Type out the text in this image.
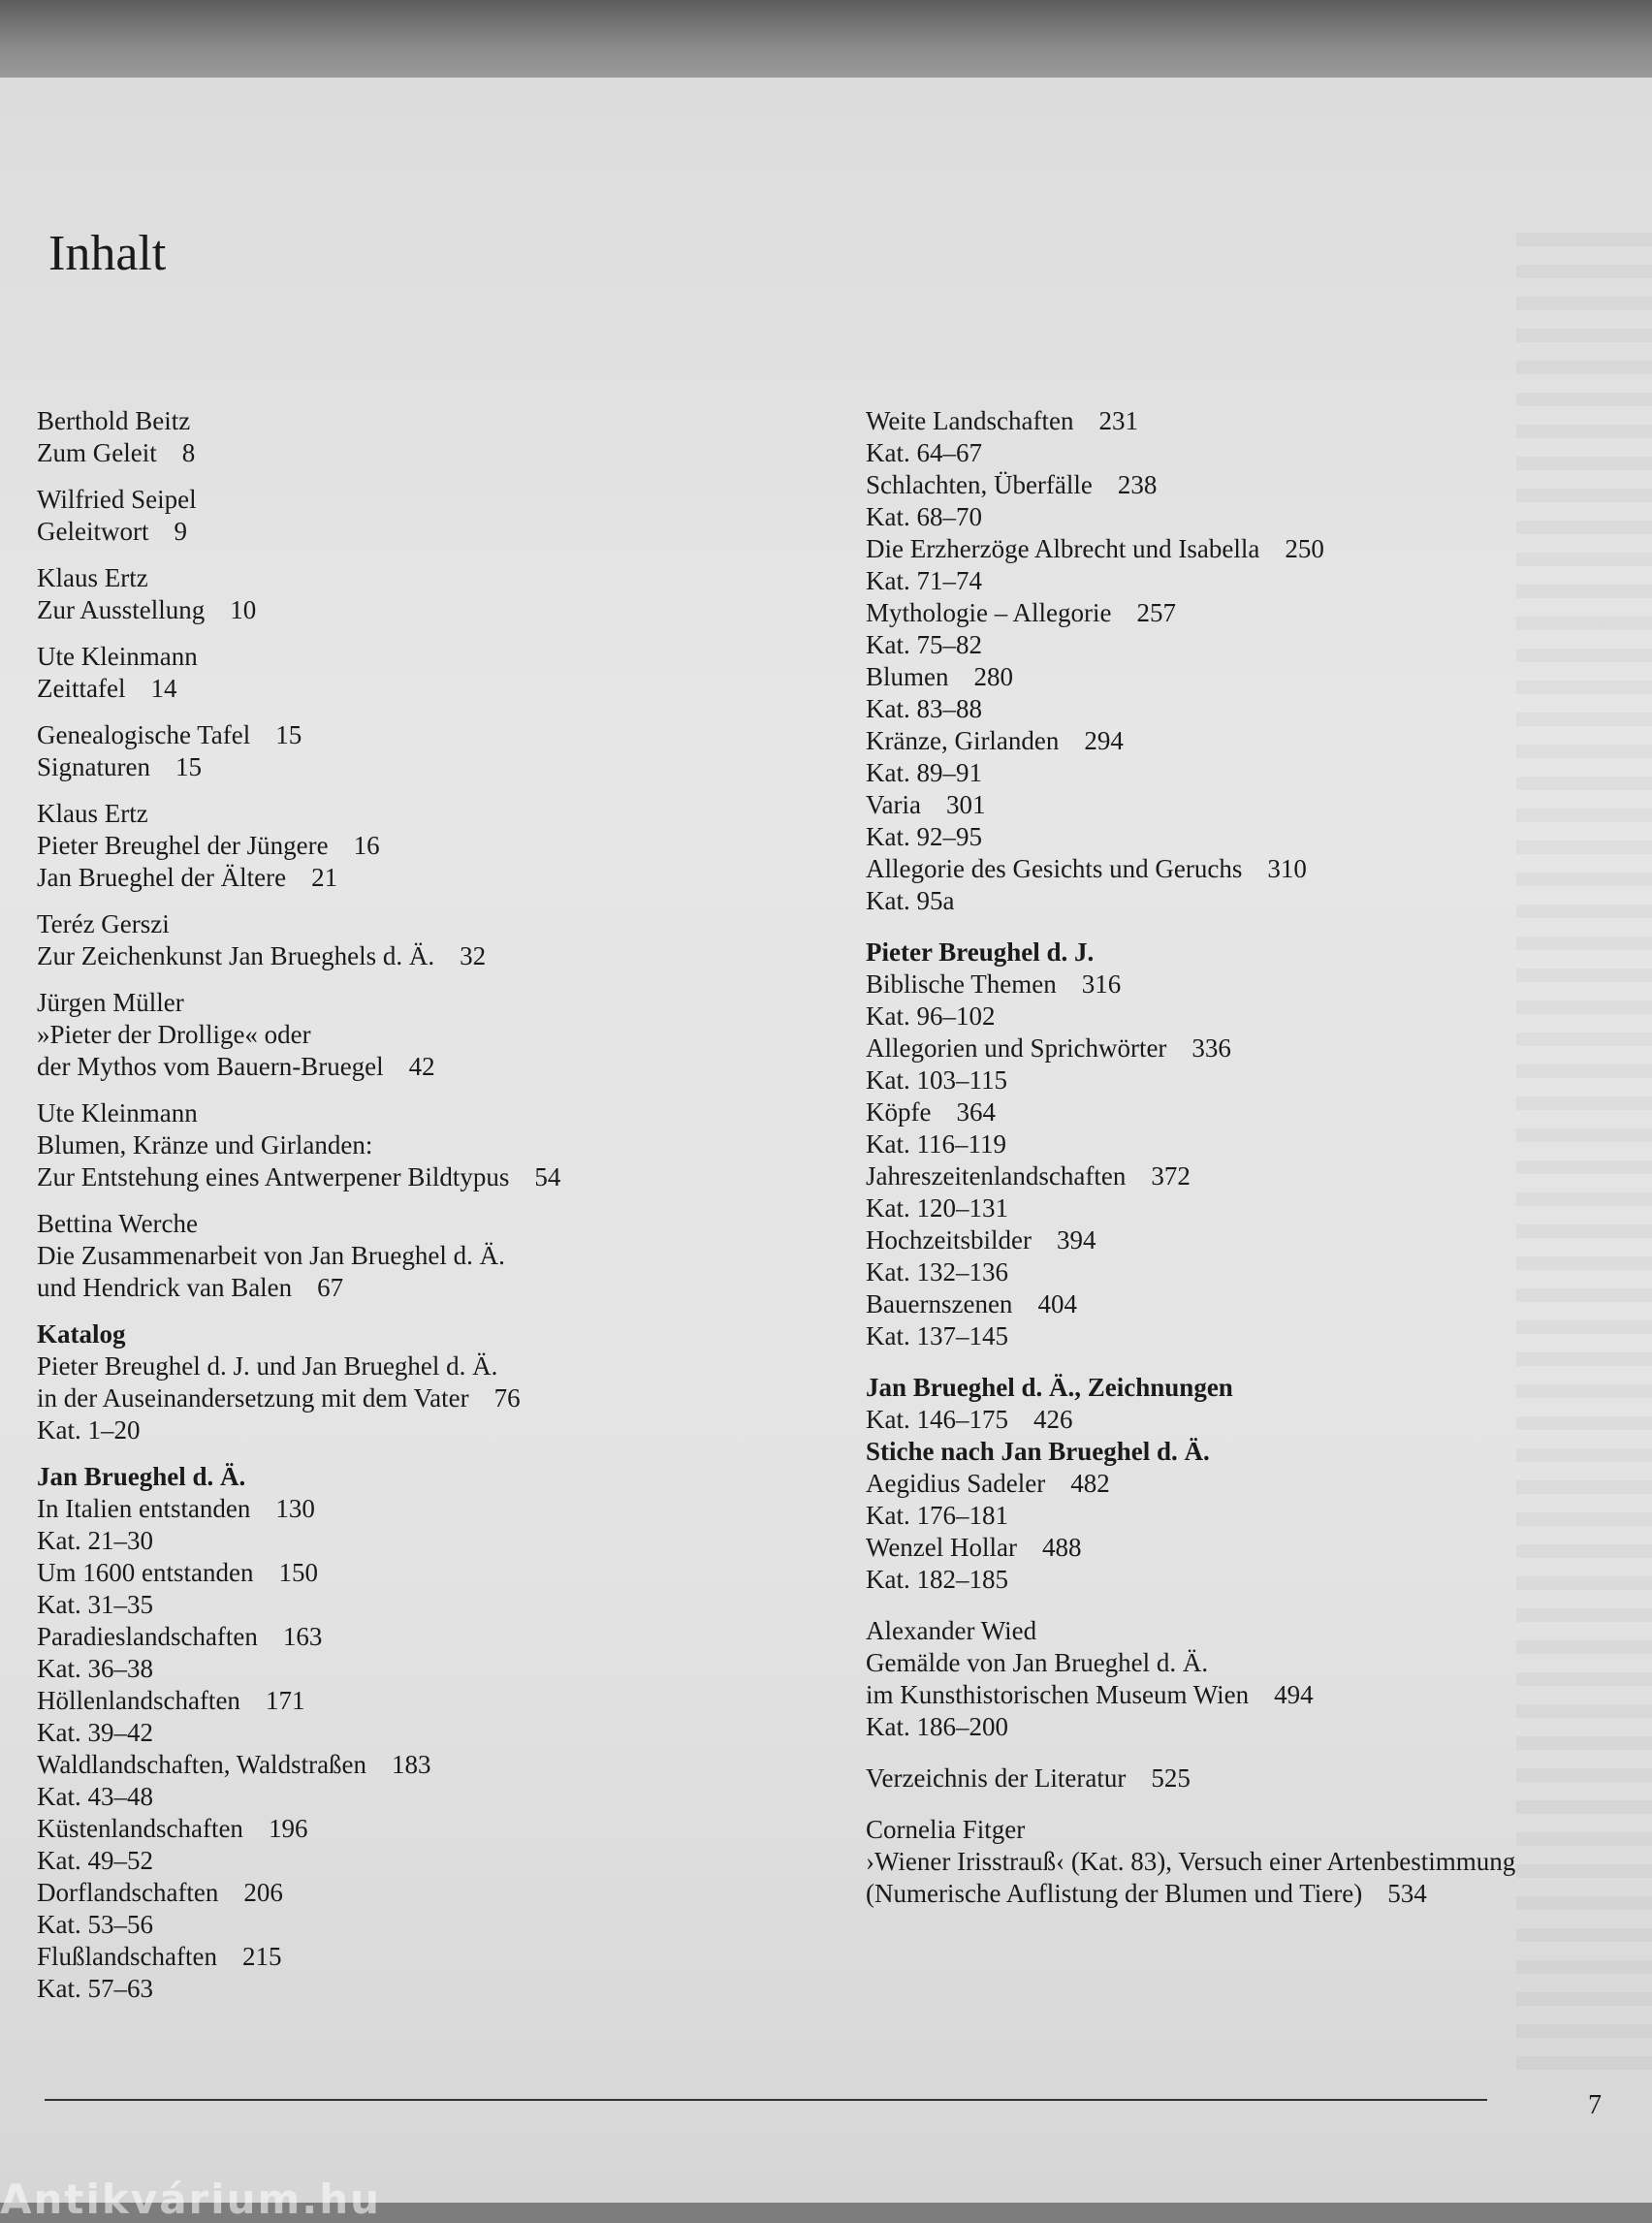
Inhalt
Berthold Beitz
Zum Geleit 8
Wilfried Seipel
Geleitwort 9
Klaus Ertz
Zur Ausstellung 10
Ute Kleinmann
Zeittafel 14
Genealogische Tafel 15
Signaturen 15
Klaus Ertz
Pieter Breughel der Jüngere 16
Jan Brueghel der Ältere 21
Teréz Gerszi
Zur Zeichenkunst Jan Brueghels d. Ä. 32
Jürgen Müller
»Pieter der Drollige« oder
der Mythos vom Bauern-Bruegel 42
Ute Kleinmann
Blumen, Kränze und Girlanden:
Zur Entstehung eines Antwerpener Bildtypus 54
Bettina Werche
Die Zusammenarbeit von Jan Brueghel d. Ä.
und Hendrick van Balen 67
Katalog
Pieter Breughel d. J. und Jan Brueghel d. Ä.
in der Auseinandersetzung mit dem Vater 76
Kat. 1–20
Jan Brueghel d. Ä.
In Italien entstanden 130
Kat. 21–30
Um 1600 entstanden 150
Kat. 31–35
Paradieslandschaften 163
Kat. 36–38
Höllenlandschaften 171
Kat. 39–42
Waldlandschaften, Waldstraßen 183
Kat. 43–48
Küstenlandschaften 196
Kat. 49–52
Dorflandschaften 206
Kat. 53–56
Flußlandschaften 215
Kat. 57–63
Weite Landschaften 231
Kat. 64–67
Schlachten, Überfälle 238
Kat. 68–70
Die Erzherzöge Albrecht und Isabella 250
Kat. 71–74
Mythologie – Allegorie 257
Kat. 75–82
Blumen 280
Kat. 83–88
Kränze, Girlanden 294
Kat. 89–91
Varia 301
Kat. 92–95
Allegorie des Gesichts und Geruchs 310
Kat. 95a
Pieter Breughel d. J.
Biblische Themen 316
Kat. 96–102
Allegorien und Sprichwörter 336
Kat. 103–115
Köpfe 364
Kat. 116–119
Jahreszeitenlandschaften 372
Kat. 120–131
Hochzeitsbilder 394
Kat. 132–136
Bauernszenen 404
Kat. 137–145
Jan Brueghel d. Ä., Zeichnungen
Kat. 146–175 426
Stiche nach Jan Brueghel d. Ä.
Aegidius Sadeler 482
Kat. 176–181
Wenzel Hollar 488
Kat. 182–185
Alexander Wied
Gemälde von Jan Brueghel d. Ä.
im Kunsthistorischen Museum Wien 494
Kat. 186–200
Verzeichnis der Literatur 525
Cornelia Fitger
›Wiener Irisstrauß‹ (Kat. 83), Versuch einer Artenbestimmung
(Numerische Auflistung der Blumen und Tiere) 534
7
Antikvárium.hu
